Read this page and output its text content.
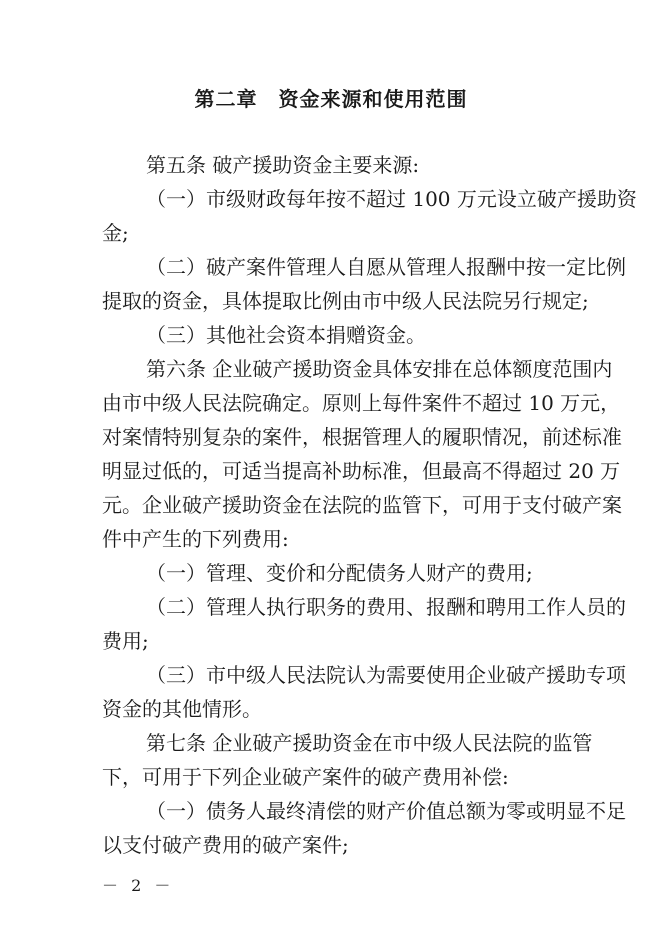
第二章　资金来源和使用范围
第五条 破产援助资金主要来源:
（一）市级财政每年按不超过 100 万元设立破产援助资
金;
（二）破产案件管理人自愿从管理人报酬中按一定比例
提取的资金，具体提取比例由市中级人民法院另行规定;
（三）其他社会资本捐赠资金。
第六条 企业破产援助资金具体安排在总体额度范围内
由市中级人民法院确定。原则上每件案件不超过 10 万元，
对案情特别复杂的案件，根据管理人的履职情况，前述标准
明显过低的，可适当提高补助标准，但最高不得超过 20 万
元。企业破产援助资金在法院的监管下，可用于支付破产案
件中产生的下列费用:
（一）管理、变价和分配债务人财产的费用;
（二）管理人执行职务的费用、报酬和聘用工作人员的
费用;
（三）市中级人民法院认为需要使用企业破产援助专项
资金的其他情形。
第七条 企业破产援助资金在市中级人民法院的监管
下，可用于下列企业破产案件的破产费用补偿:
（一）债务人最终清偿的财产价值总额为零或明显不足
以支付破产费用的破产案件;
－ 2 －
